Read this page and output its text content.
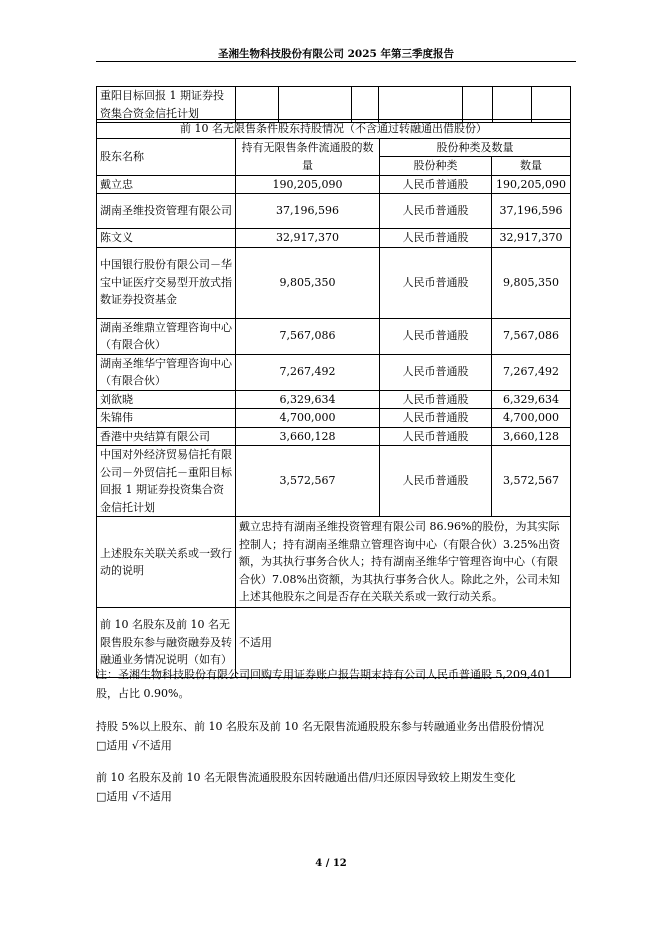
圣湘生物科技股份有限公司 2025 年第三季度报告
重阳目标回报 1 期证券投资集合资金信托计划							
前 10 名无限售条件股东持股情况（不含通过转融通出借股份）			
股东名称	持有无限售条件流通股的数量	股份种类及数量	
		股份种类	数量
戴立忠	190,205,090	人民币普通股	190,205,090
湖南圣维投资管理有限公司	37,196,596	人民币普通股	37,196,596
陈文义	32,917,370	人民币普通股	32,917,370
中国银行股份有限公司－华宝中证医疗交易型开放式指数证券投资基金	9,805,350	人民币普通股	9,805,350
湖南圣维鼎立管理咨询中心（有限合伙）	7,567,086	人民币普通股	7,567,086
湖南圣维华宁管理咨询中心（有限合伙）	7,267,492	人民币普通股	7,267,492
刘欲晓	6,329,634	人民币普通股	6,329,634
朱锦伟	4,700,000	人民币普通股	4,700,000
香港中央结算有限公司	3,660,128	人民币普通股	3,660,128
中国对外经济贸易信托有限公司－外贸信托－重阳目标回报 1 期证券投资集合资金信托计划	3,572,567	人民币普通股	3,572,567
上述股东关联关系或一致行动的说明	戴立忠持有湖南圣维投资管理有限公司 86.96%的股份，为其实际控制人；持有湖南圣维鼎立管理咨询中心（有限合伙）3.25%出资额，为其执行事务合伙人；持有湖南圣维华宁管理咨询中心（有限合伙）7.08%出资额，为其执行事务合伙人。除此之外，公司未知上述其他股东之间是否存在关联关系或一致行动关系。		
前 10 名股东及前 10 名无限售股东参与融资融券及转融通业务情况说明（如有）	不适用		
注：圣湘生物科技股份有限公司回购专用证券账户报告期末持有公司人民币普通股 5,209,401 股，占比 0.90%。
持股 5%以上股东、前 10 名股东及前 10 名无限售流通股股东参与转融通业务出借股份情况
□适用 √不适用
前 10 名股东及前 10 名无限售流通股股东因转融通出借/归还原因导致较上期发生变化
□适用 √不适用
4 / 12
